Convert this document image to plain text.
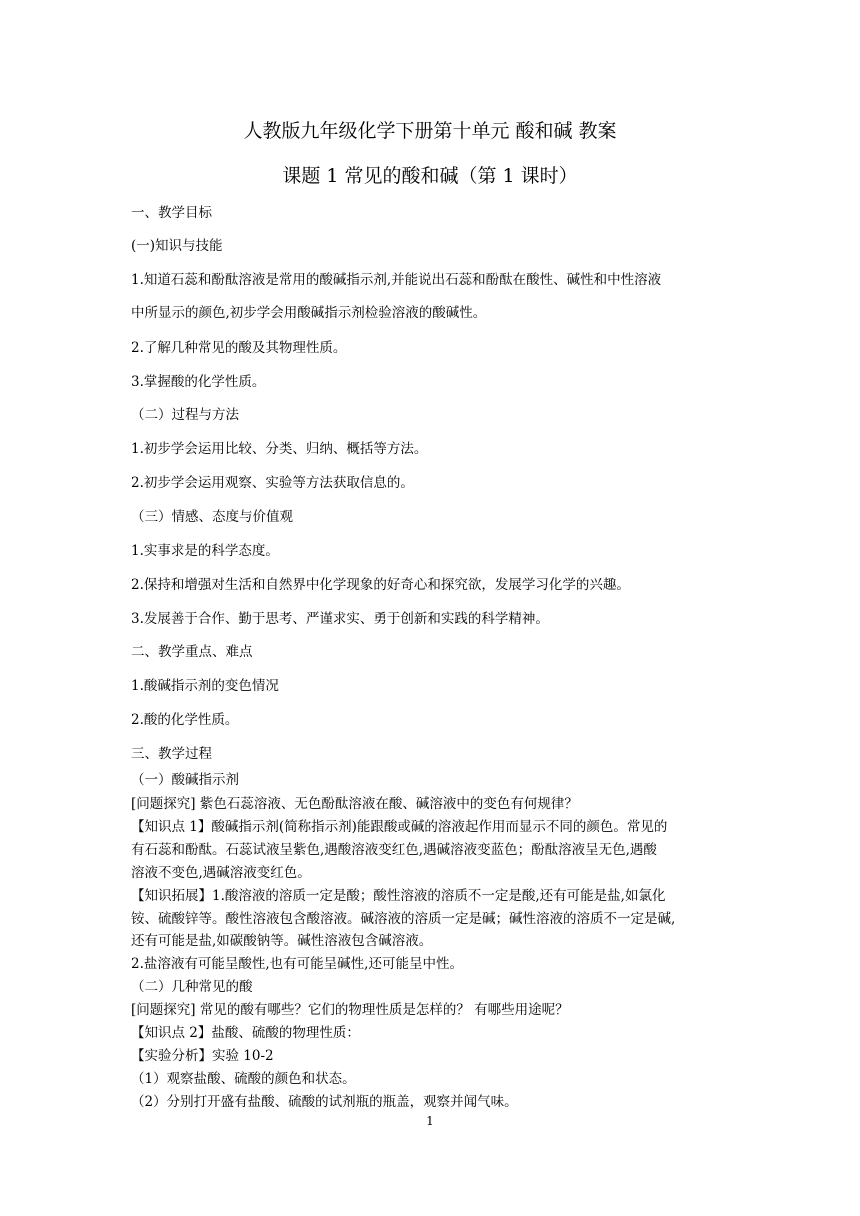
人教版九年级化学下册第十单元 酸和碱 教案
课题 1 常见的酸和碱（第 1 课时）
一、教学目标
(一)知识与技能
1.知道石蕊和酚酞溶液是常用的酸碱指示剂,并能说出石蕊和酚酞在酸性、碱性和中性溶液
中所显示的颜色,初步学会用酸碱指示剂检验溶液的酸碱性。
2.了解几种常见的酸及其物理性质。
3.掌握酸的化学性质。
（二）过程与方法
1.初步学会运用比较、分类、归纳、概括等方法。
2.初步学会运用观察、实验等方法获取信息的。
（三）情感、态度与价值观
1.实事求是的科学态度。
2.保持和增强对生活和自然界中化学现象的好奇心和探究欲，发展学习化学的兴趣。
3.发展善于合作、勤于思考、严谨求实、勇于创新和实践的科学精神。
二、教学重点、难点
1.酸碱指示剂的变色情况
2.酸的化学性质。
三、教学过程
（一）酸碱指示剂
[问题探究] 紫色石蕊溶液、无色酚酞溶液在酸、碱溶液中的变色有何规律？
【知识点 1】酸碱指示剂(简称指示剂)能跟酸或碱的溶液起作用而显示不同的颜色。常见的
有石蕊和酚酞。石蕊试液呈紫色,遇酸溶液变红色,遇碱溶液变蓝色；酚酞溶液呈无色,遇酸
溶液不变色,遇碱溶液变红色。
【知识拓展】1.酸溶液的溶质一定是酸；酸性溶液的溶质不一定是酸,还有可能是盐,如氯化
铵、硫酸锌等。酸性溶液包含酸溶液。碱溶液的溶质一定是碱；碱性溶液的溶质不一定是碱,
还有可能是盐,如碳酸钠等。碱性溶液包含碱溶液。
2.盐溶液有可能呈酸性,也有可能呈碱性,还可能呈中性。
（二）几种常见的酸
[问题探究] 常见的酸有哪些？它们的物理性质是怎样的？ 有哪些用途呢？
【知识点 2】盐酸、硫酸的物理性质：
【实验分析】实验 10-2
（1）观察盐酸、硫酸的颜色和状态。
（2）分别打开盛有盐酸、硫酸的试剂瓶的瓶盖，观察并闻气味。
1
